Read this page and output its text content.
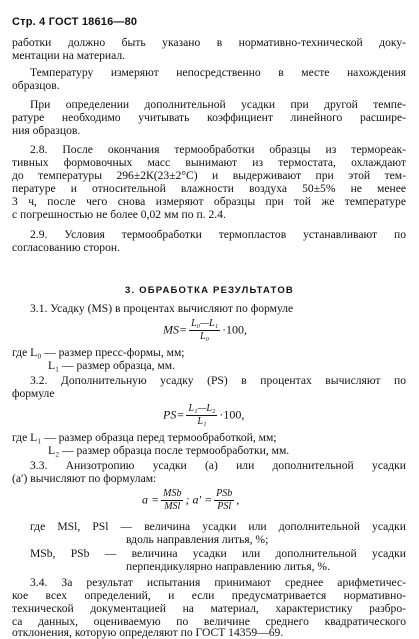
Стр. 4 ГОСТ 18616—80
работки должно быть указано в нормативно-технической доку-
ментации на материал.
Температуру измеряют непосредственно в месте нахождения
образцов.
При определении дополнительной усадки при другой темпе-
ратуре необходимо учитывать коэффициент линейного расшире-
ния образцов.
2.8. После окончания термообработки образцы из термореак-
тивных формовочных масс вынимают из термостата, охлаждают
до температуры 296±2К(23±2°С) и выдерживают при этой тем-
пературе и относительной влажности воздуха 50±5% не менее
3 ч, после чего снова измеряют образцы при той же температуре
с погрешностью не более 0,02 мм по п. 2.4.
2.9. Условия термообработки термопластов устанавливают по
согласованию сторон.
3. ОБРАБОТКА РЕЗУЛЬТАТОВ
3.1. Усадку (MS) в процентах вычисляют по формуле
$MS= \frac{\text{L₀—L₁}}{\text{L₀}} \cdot 100$,
где L₀ — размер пресс-формы, мм;
L₁ — размер образца, мм.
3.2. Дополнительную усадку (PS) в процентах вычисляют по
формуле
$PS= \frac{\text{L₁—L₂}}{\text{L₁}} \cdot 100$,
где L₁ — размер образца перед термообработкой, мм;
L₂ — размер образца после термообработки, мм.
3.3. Анизотропию усадки (а) или дополнительной усадки
(а′) вычисляют по формулам:
$a = \frac{\text{MSb}}{\text{MSl}}$ ; $a' = \frac{\text{PSb}}{\text{PSl}}$ ,
где MSl, PSl — величина усадки или дополнительной усадки
вдоль направления литья, %;
MSb, PSb — величина усадки или дополнительной усадки
перпендикулярно направлению литья, %.
3.4. За результат испытания принимают среднее арифметичес-
кое всех определений, и если предусматривается нормативно-
технической документацией на материал, характеристику разбро-
са данных, оцениваемую по величине среднего квадратического
отклонения, которую определяют по ГОСТ 14359—69.
